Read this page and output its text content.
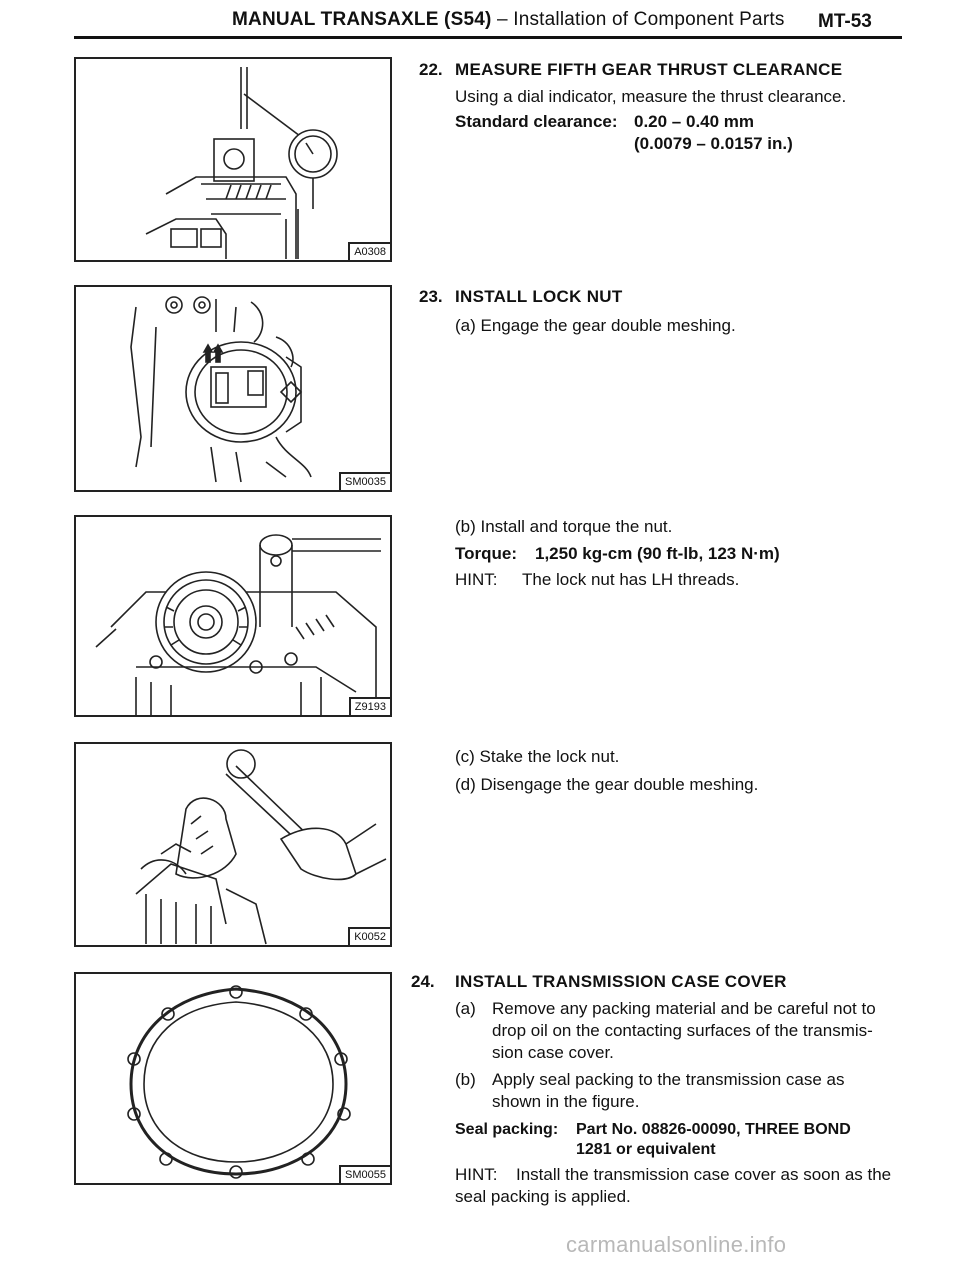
MANUAL TRANSAXLE (S54) – Installation of Component Parts MT-53
A0308
SM0035
Z9193
K0052
SM0055
22. MEASURE FIFTH GEAR THRUST CLEARANCE
Using a dial indicator, measure the thrust clearance.
Standard clearance: 0.20 – 0.40 mm
(0.0079 – 0.0157 in.)
23. INSTALL LOCK NUT
(a) Engage the gear double meshing.
(b) Install and torque the nut.
Torque: 1,250 kg-cm (90 ft-lb, 123 N·m)
HINT: The lock nut has LH threads.
(c) Stake the lock nut.
(d) Disengage the gear double meshing.
24. INSTALL TRANSMISSION CASE COVER
(a) Remove any packing material and be careful not to
drop oil on the contacting surfaces of the transmis-
sion case cover.
(b) Apply seal packing to the transmission case as
shown in the figure.
Seal packing: Part No. 08826-00090, THREE BOND
1281 or equivalent
HINT: Install the transmission case cover as soon as the
seal packing is applied.
carmanualsonline.info
